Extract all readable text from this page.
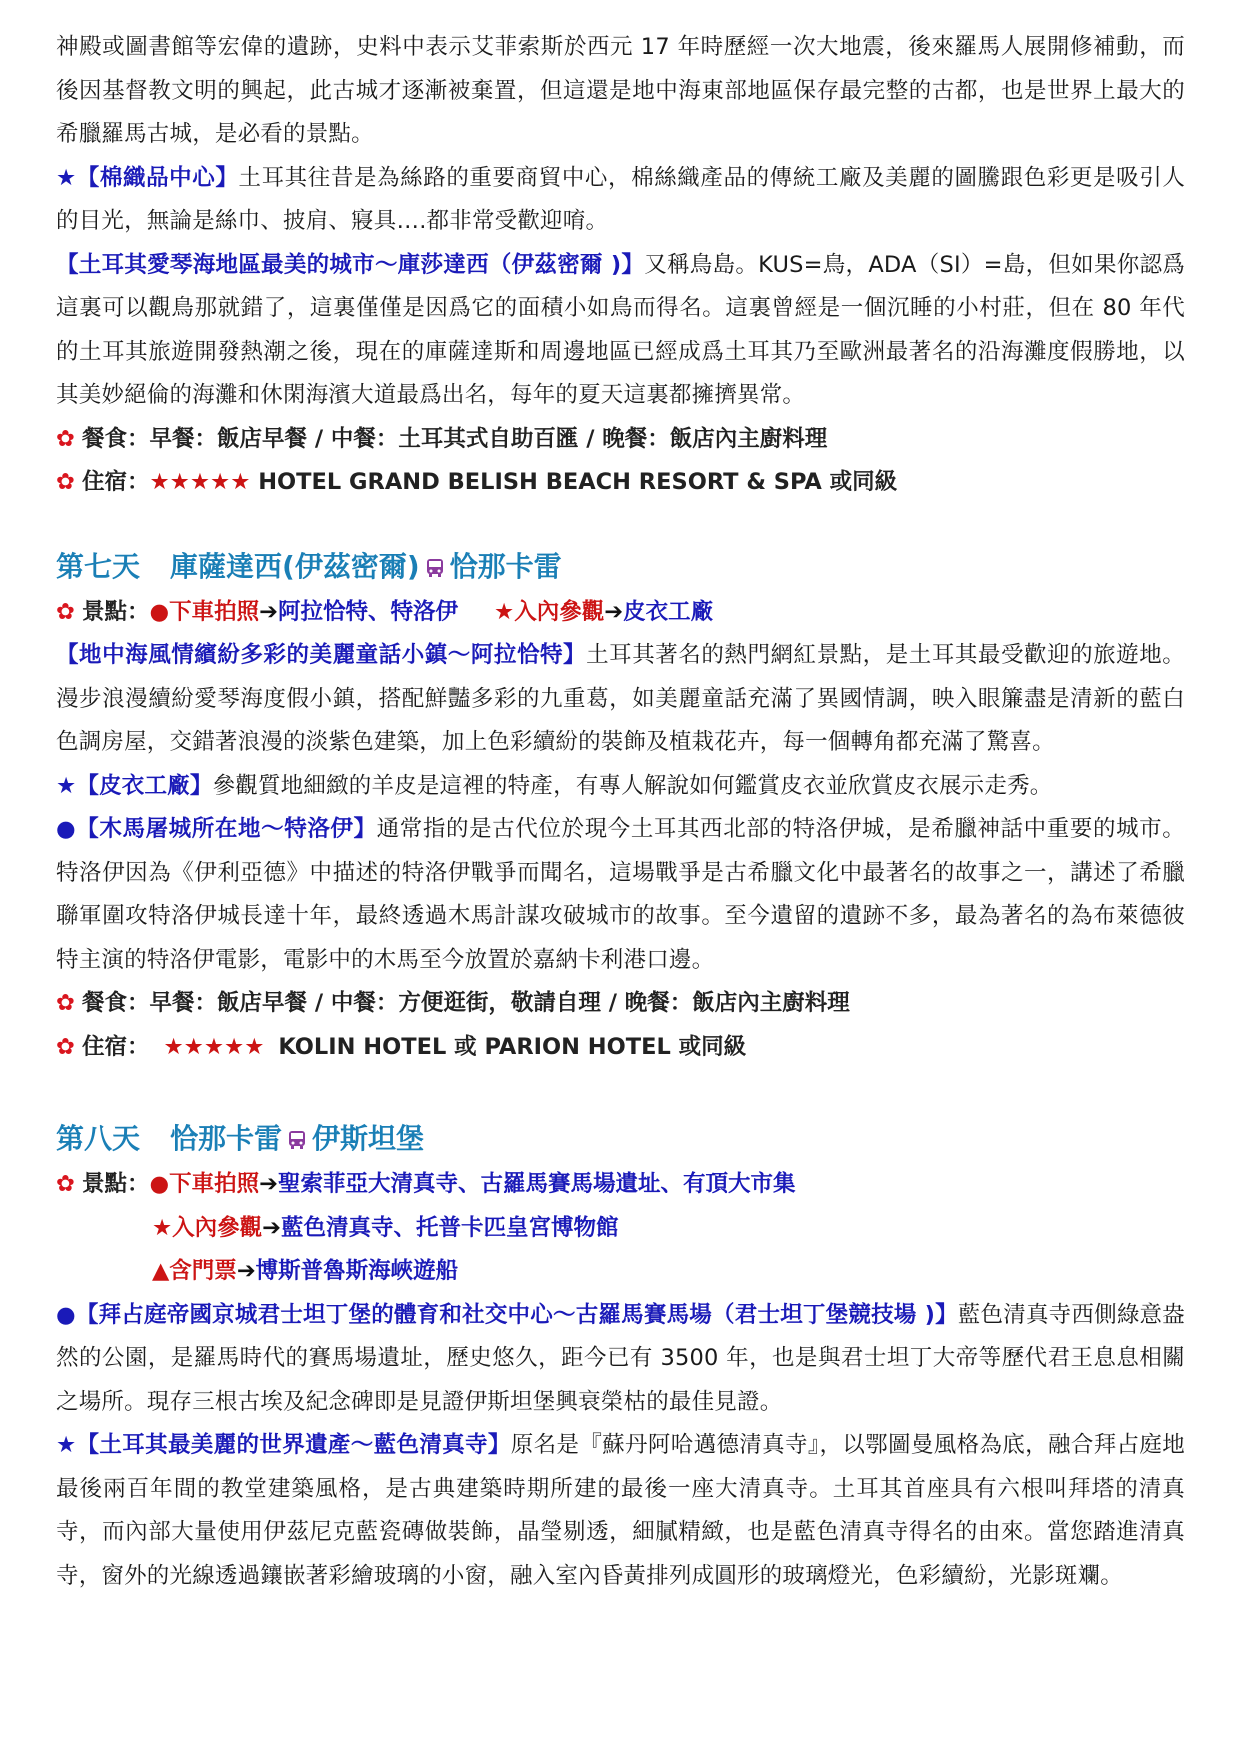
神殿或圖書館等宏偉的遺跡，史料中表示艾菲索斯於西元 17 年時歷經一次大地震，後來羅馬人展開修補動，而後因基督教文明的興起，此古城才逐漸被棄置，但這還是地中海東部地區保存最完整的古都，也是世界上最大的希臘羅馬古城，是必看的景點。

★【棉織品中心】土耳其往昔是為絲路的重要商貿中心，棉絲織產品的傳統工廠及美麗的圖騰跟色彩更是吸引人的目光，無論是絲巾、披肩、寢具….都非常受歡迎唷。

【土耳其愛琴海地區最美的城市～庫莎達西（伊茲密爾 )】又稱鳥島。KUS=鳥，ADA（SI）=島，但如果你認爲這裏可以觀鳥那就錯了，這裏僅僅是因爲它的面積小如鳥而得名。這裏曾經是一個沉睡的小村莊，但在 80 年代的土耳其旅遊開發熱潮之後，現在的庫薩達斯和周邊地區已經成爲土耳其乃至歐洲最著名的沿海灘度假勝地，以其美妙絕倫的海灘和休閑海濱大道最爲出名，每年的夏天這裏都擁擠異常。

✿ 餐食：早餐：飯店早餐 / 中餐：土耳其式自助百匯 / 晚餐：飯店內主廚料理

✿ 住宿：★★★★★ HOTEL GRAND BELISH BEACH RESORT & SPA 或同級

第七天 庫薩達西(伊茲密爾) 恰那卡雷

✿ 景點：●下車拍照➔阿拉恰特、特洛伊 ★入內參觀➔皮衣工廠

【地中海風情繽紛多彩的美麗童話小鎮～阿拉恰特】土耳其著名的熱門網紅景點，是土耳其最受歡迎的旅遊地。漫步浪漫續紛愛琴海度假小鎮，搭配鮮豔多彩的九重葛，如美麗童話充滿了異國情調，映入眼簾盡是清新的藍白色調房屋，交錯著浪漫的淡紫色建築，加上色彩續紛的裝飾及植栽花卉，每一個轉角都充滿了驚喜。

★【皮衣工廠】參觀質地細緻的羊皮是這裡的特產，有專人解說如何鑑賞皮衣並欣賞皮衣展示走秀。

●【木馬屠城所在地～特洛伊】通常指的是古代位於現今土耳其西北部的特洛伊城，是希臘神話中重要的城市。特洛伊因為《伊利亞德》中描述的特洛伊戰爭而聞名，這場戰爭是古希臘文化中最著名的故事之一，講述了希臘聯軍圍攻特洛伊城長達十年，最終透過木馬計謀攻破城市的故事。至今遺留的遺跡不多，最為著名的為布萊德彼特主演的特洛伊電影，電影中的木馬至今放置於嘉納卡利港口邊。

✿ 餐食：早餐：飯店早餐 / 中餐：方便逛街，敬請自理 / 晚餐：飯店內主廚料理

✿ 住宿： ★★★★★ KOLIN HOTEL 或 PARION HOTEL 或同級

第八天 恰那卡雷 伊斯坦堡

✿ 景點：●下車拍照➔聖索菲亞大清真寺、古羅馬賽馬場遺址、有頂大市集

★入內參觀➔藍色清真寺、托普卡匹皇宮博物館

▲含門票➔博斯普魯斯海峽遊船

●【拜占庭帝國京城君士坦丁堡的體育和社交中心～古羅馬賽馬場（君士坦丁堡競技場 )】藍色清真寺西側綠意盎然的公園，是羅馬時代的賽馬場遺址，歷史悠久，距今已有 3500 年，也是與君士坦丁大帝等歷代君王息息相關之場所。現存三根古埃及紀念碑即是見證伊斯坦堡興衰榮枯的最佳見證。

★【土耳其最美麗的世界遺產～藍色清真寺】原名是『蘇丹阿哈邁德清真寺』，以鄂圖曼風格為底，融合拜占庭地最後兩百年間的教堂建築風格，是古典建築時期所建的最後一座大清真寺。土耳其首座具有六根叫拜塔的清真寺，而內部大量使用伊茲尼克藍瓷磚做裝飾，晶瑩剔透，細膩精緻，也是藍色清真寺得名的由來。當您踏進清真寺，窗外的光線透過鑲嵌著彩繪玻璃的小窗，融入室內昏黃排列成圓形的玻璃燈光，色彩續紛，光影斑斕。
